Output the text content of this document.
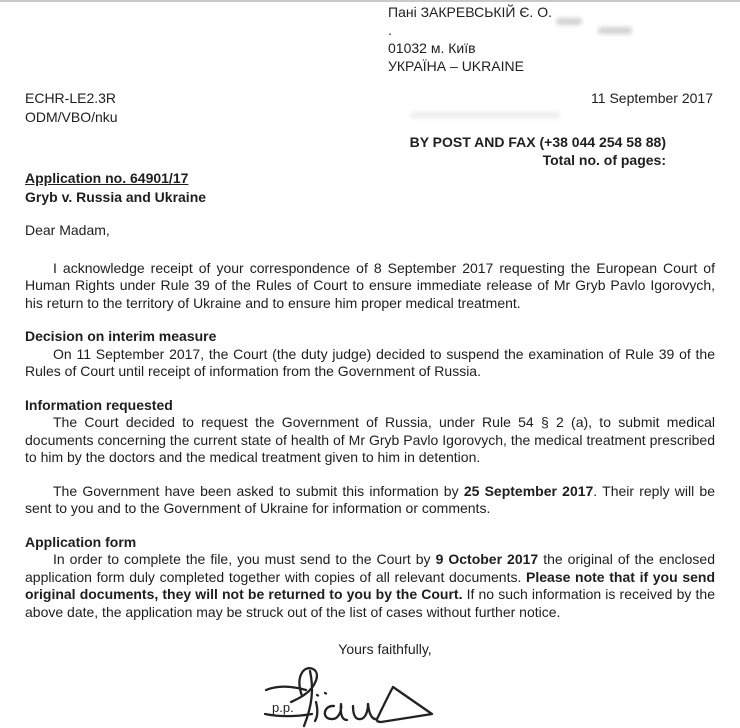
Пані ЗАКРЕВСЬКІЙ Є. О.
.
01032 м. Київ
УКРАЇНА – UKRAINE
ECHR-LE2.3R
ODM/VBO/nku
11 September 2017
BY POST AND FAX (+38 044 254 58 88)
Total no. of pages:
Application no. 64901/17
Gryb v. Russia and Ukraine

Dear Madam,

I acknowledge receipt of your correspondence of 8 September 2017 requesting the European Court of Human Rights under Rule 39 of the Rules of Court to ensure immediate release of Mr Gryb Pavlo Igorovych, his return to the territory of Ukraine and to ensure him proper medical treatment.

Decision on interim measure

On 11 September 2017, the Court (the duty judge) decided to suspend the examination of Rule 39 of the Rules of Court until receipt of information from the Government of Russia.

Information requested

The Court decided to request the Government of Russia, under Rule 54 § 2 (a), to submit medical documents concerning the current state of health of Mr Gryb Pavlo Igorovych, the medical treatment prescribed to him by the doctors and the medical treatment given to him in detention.

The Government have been asked to submit this information by 25 September 2017. Their reply will be sent to you and to the Government of Ukraine for information or comments.

Application form

In order to complete the file, you must send to the Court by 9 October 2017 the original of the enclosed application form duly completed together with copies of all relevant documents. Please note that if you send original documents, they will not be returned to you by the Court. If no such information is received by the above date, the application may be struck out of the list of cases without further notice.

Yours faithfully,

p.p.
